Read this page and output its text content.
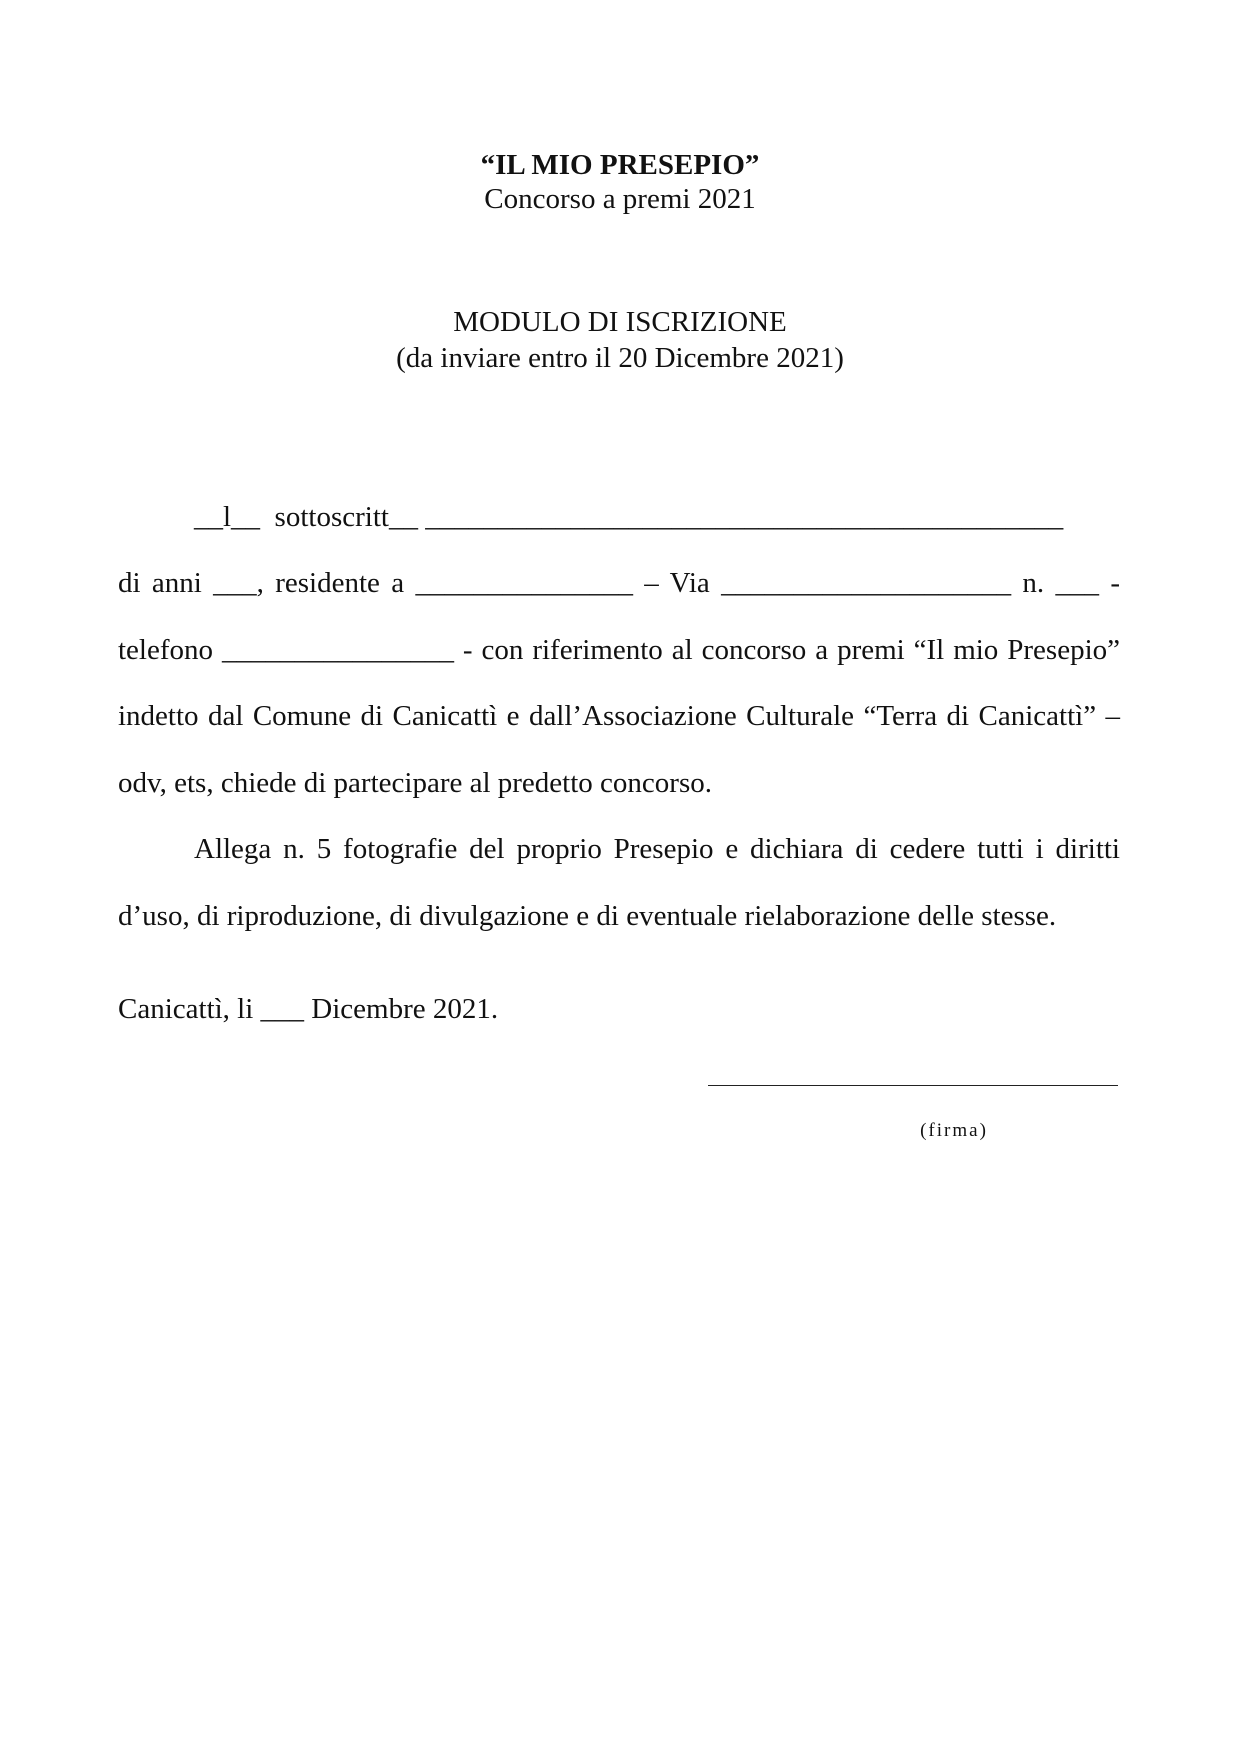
“IL MIO PRESEPIO”
Concorso a premi 2021
MODULO DI ISCRIZIONE
(da inviare entro il 20 Dicembre 2021)
__l__  sottoscritt__ ____________________________________________
di anni ___, residente a _______________ – Via ____________________ n. ___ -
telefono ________________ - con riferimento al concorso a premi “Il mio Presepio”
indetto dal Comune di Canicattì e dall’Associazione Culturale “Terra di Canicattì” –
odv, ets, chiede di partecipare al predetto concorso.
Allega n. 5 fotografie del proprio Presepio e dichiara di cedere tutti i diritti
d’uso, di riproduzione, di divulgazione e di eventuale rielaborazione delle stesse.
Canicattì, li ___ Dicembre 2021.
(firma)
